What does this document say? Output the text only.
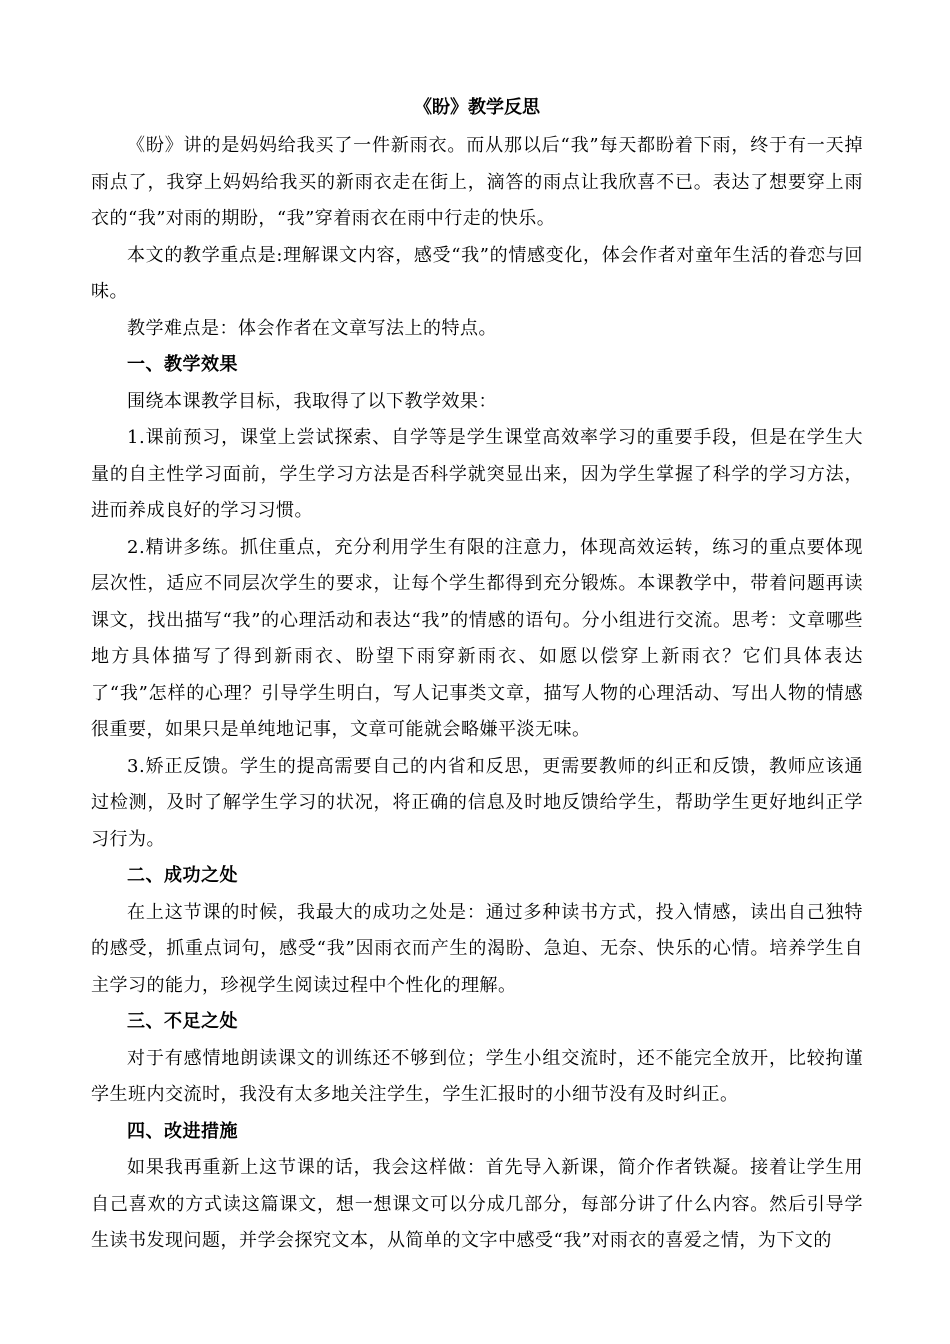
《盼》教学反思

《盼》讲的是妈妈给我买了一件新雨衣。而从那以后“我”每天都盼着下雨，终于有一天掉雨点了，我穿上妈妈给我买的新雨衣走在街上，滴答的雨点让我欣喜不已。表达了想要穿上雨衣的“我”对雨的期盼，“我”穿着雨衣在雨中行走的快乐。

本文的教学重点是:理解课文内容，感受“我”的情感变化，体会作者对童年生活的眷恋与回味。

教学难点是：体会作者在文章写法上的特点。

一、教学效果

围绕本课教学目标，我取得了以下教学效果：

1.课前预习，课堂上尝试探索、自学等是学生课堂高效率学习的重要手段，但是在学生大量的自主性学习面前，学生学习方法是否科学就突显出来，因为学生掌握了科学的学习方法，进而养成良好的学习习惯。

2.精讲多练。抓住重点，充分利用学生有限的注意力，体现高效运转，练习的重点要体现层次性，适应不同层次学生的要求，让每个学生都得到充分锻炼。本课教学中，带着问题再读课文，找出描写“我”的心理活动和表达“我”的情感的语句。分小组进行交流。思考：文章哪些地方具体描写了得到新雨衣、盼望下雨穿新雨衣、如愿以偿穿上新雨衣？它们具体表达了“我”怎样的心理？引导学生明白，写人记事类文章，描写人物的心理活动、写出人物的情感很重要，如果只是单纯地记事，文章可能就会略嫌平淡无味。

3.矫正反馈。学生的提高需要自己的内省和反思，更需要教师的纠正和反馈，教师应该通过检测，及时了解学生学习的状况，将正确的信息及时地反馈给学生，帮助学生更好地纠正学习行为。

二、成功之处

在上这节课的时候，我最大的成功之处是：通过多种读书方式，投入情感，读出自己独特的感受，抓重点词句，感受“我”因雨衣而产生的渴盼、急迫、无奈、快乐的心情。培养学生自主学习的能力，珍视学生阅读过程中个性化的理解。

三、不足之处

对于有感情地朗读课文的训练还不够到位；学生小组交流时，还不能完全放开，比较拘谨学生班内交流时，我没有太多地关注学生，学生汇报时的小细节没有及时纠正。

四、改进措施

如果我再重新上这节课的话，我会这样做：首先导入新课，简介作者铁凝。接着让学生用自己喜欢的方式读这篇课文，想一想课文可以分成几部分，每部分讲了什么内容。然后引导学生读书发现问题，并学会探究文本，从简单的文字中感受“我”对雨衣的喜爱之情，为下文的
